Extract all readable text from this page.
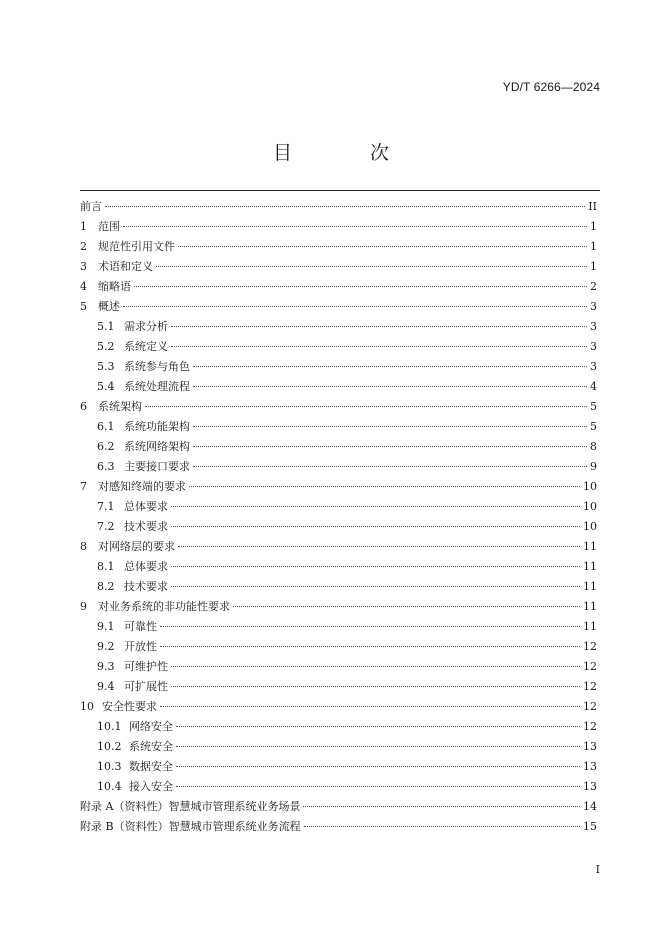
YD/T 6266—2024
目 次
前言	II
1	范围	1
2	规范性引用文件	1
3	术语和定义	1
4	缩略语	2
5	概述	3
5.1 需求分析	3
5.2 系统定义	3
5.3 系统参与角色	3
5.4 系统处理流程	4
6	系统架构	5
6.1 系统功能架构	5
6.2 系统网络架构	8
6.3 主要接口要求	9
7	对感知终端的要求	10
7.1 总体要求	10
7.2 技术要求	10
8	对网络层的要求	11
8.1 总体要求	11
8.2 技术要求	11
9	对业务系统的非功能性要求	11
9.1 可靠性	11
9.2 开放性	12
9.3 可维护性	12
9.4 可扩展性	12
10 安全性要求	12
10.1 网络安全	12
10.2 系统安全	13
10.3 数据安全	13
10.4 接入安全	13
附录 A（资料性）智慧城市管理系统业务场景	14
附录 B（资料性）智慧城市管理系统业务流程	15
I
